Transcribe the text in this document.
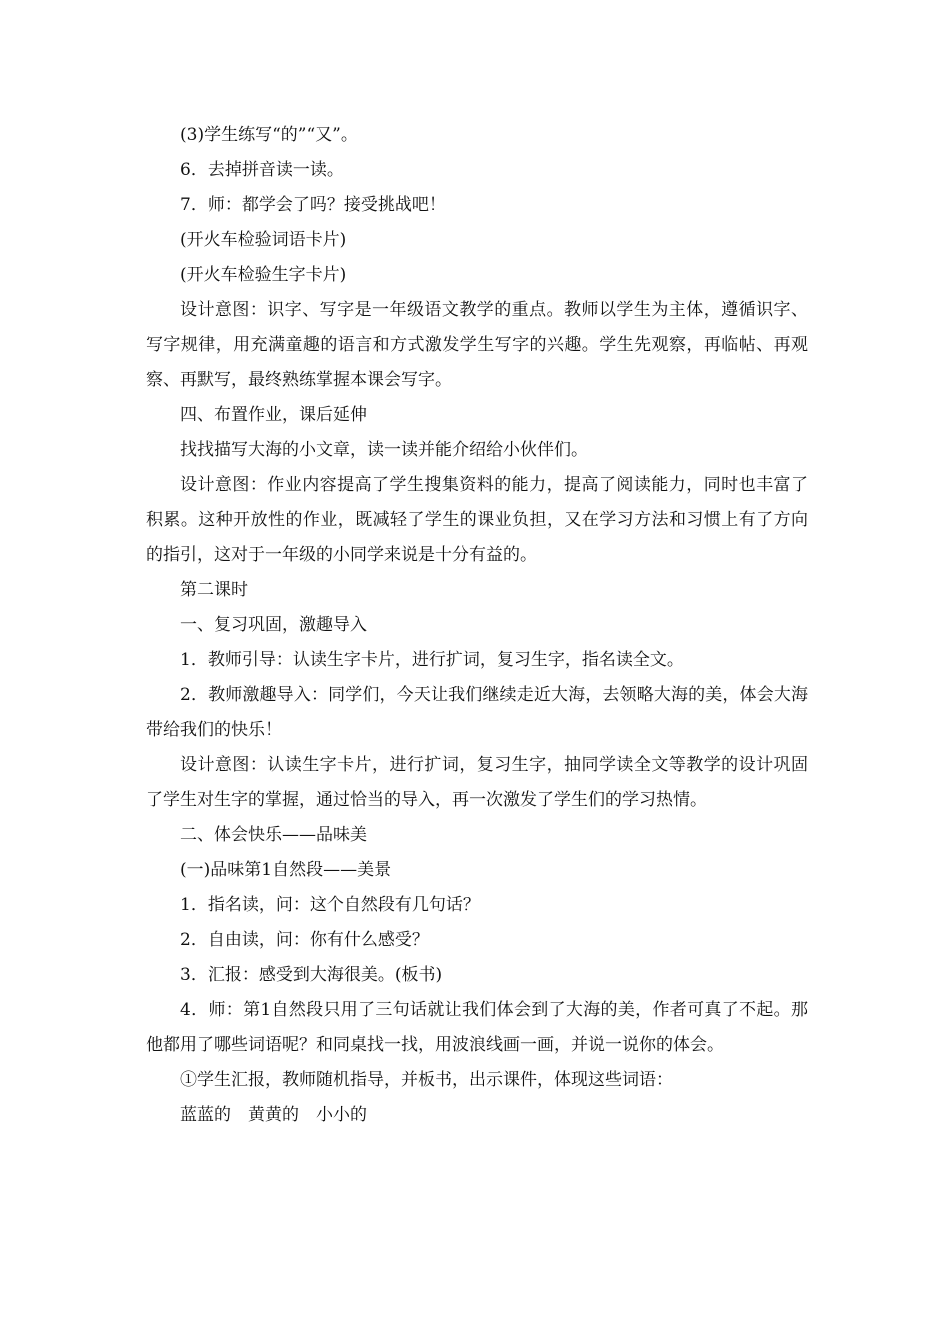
(3)学生练写“的”“又”。

6．去掉拼音读一读。

7．师：都学会了吗？接受挑战吧！

(开火车检验词语卡片)

(开火车检验生字卡片)

设计意图：识字、写字是一年级语文教学的重点。教师以学生为主体，遵循识字、写字规律，用充满童趣的语言和方式激发学生写字的兴趣。学生先观察，再临帖、再观察、再默写，最终熟练掌握本课会写字。

四、布置作业，课后延伸

找找描写大海的小文章，读一读并能介绍给小伙伴们。

设计意图：作业内容提高了学生搜集资料的能力，提高了阅读能力，同时也丰富了积累。这种开放性的作业，既减轻了学生的课业负担，又在学习方法和习惯上有了方向的指引，这对于一年级的小同学来说是十分有益的。

第二课时

一、复习巩固，激趣导入

1．教师引导：认读生字卡片，进行扩词，复习生字，指名读全文。

2．教师激趣导入：同学们，今天让我们继续走近大海，去领略大海的美，体会大海带给我们的快乐！

设计意图：认读生字卡片，进行扩词，复习生字，抽同学读全文等教学的设计巩固了学生对生字的掌握，通过恰当的导入，再一次激发了学生们的学习热情。

二、体会快乐——品味美

(一)品味第1自然段——美景

1．指名读，问：这个自然段有几句话？

2．自由读，问：你有什么感受？

3．汇报：感受到大海很美。(板书)

4．师：第1自然段只用了三句话就让我们体会到了大海的美，作者可真了不起。那他都用了哪些词语呢？和同桌找一找，用波浪线画一画，并说一说你的体会。

①学生汇报，教师随机指导，并板书，出示课件，体现这些词语：

蓝蓝的　黄黄的　小小的
